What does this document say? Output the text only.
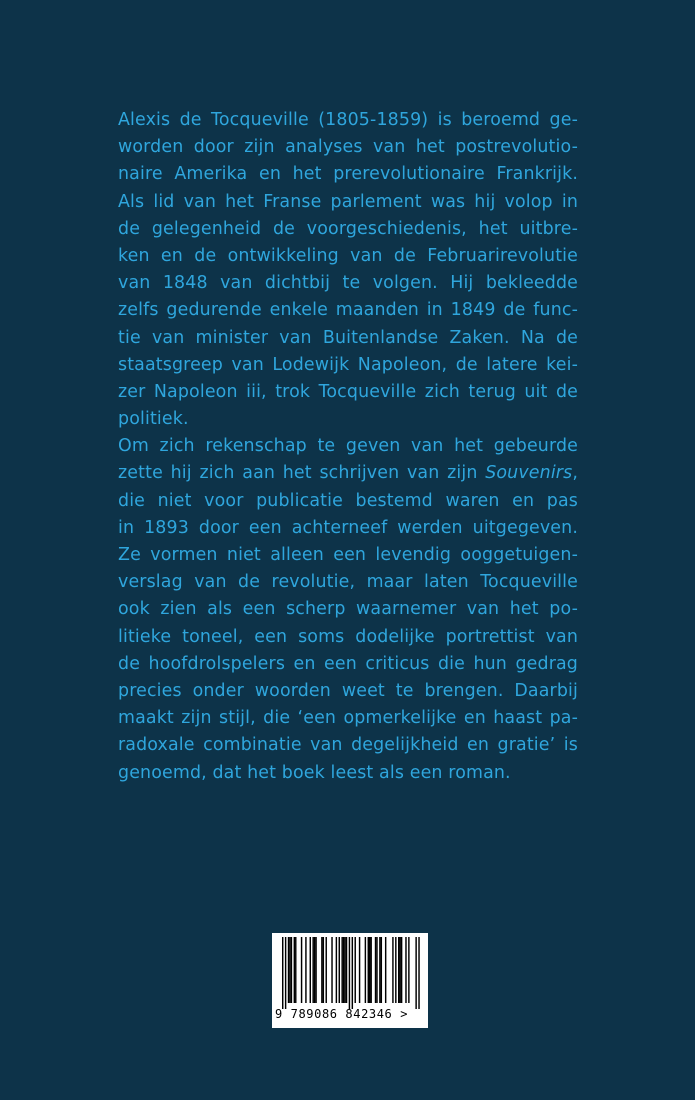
Alexis de Tocqueville (1805-1859) is beroemd ge-
worden door zijn analyses van het postrevolutio-
naire Amerika en het prerevolutionaire Frankrijk.
Als lid van het Franse parlement was hij volop in
de gelegenheid de voorgeschiedenis, het uitbre-
ken en de ontwikkeling van de Februarirevolutie
van 1848 van dichtbij te volgen. Hij bekleedde
zelfs gedurende enkele maanden in 1849 de func-
tie van minister van Buitenlandse Zaken. Na de
staatsgreep van Lodewijk Napoleon, de latere kei-
zer Napoleon iii, trok Tocqueville zich terug uit de
politiek.
Om zich rekenschap te geven van het gebeurde
zette hij zich aan het schrijven van zijn Souvenirs,
die niet voor publicatie bestemd waren en pas
in 1893 door een achterneef werden uitgegeven.
Ze vormen niet alleen een levendig ooggetuigen-
verslag van de revolutie, maar laten Tocqueville
ook zien als een scherp waarnemer van het po-
litieke toneel, een soms dodelijke portrettist van
de hoofdrolspelers en een criticus die hun gedrag
precies onder woorden weet te brengen. Daarbij
maakt zijn stijl, die ‘een opmerkelijke en haast pa-
radoxale combinatie van degelijkheid en gratie’ is
genoemd, dat het boek leest als een roman.
9 789086 842346 >
